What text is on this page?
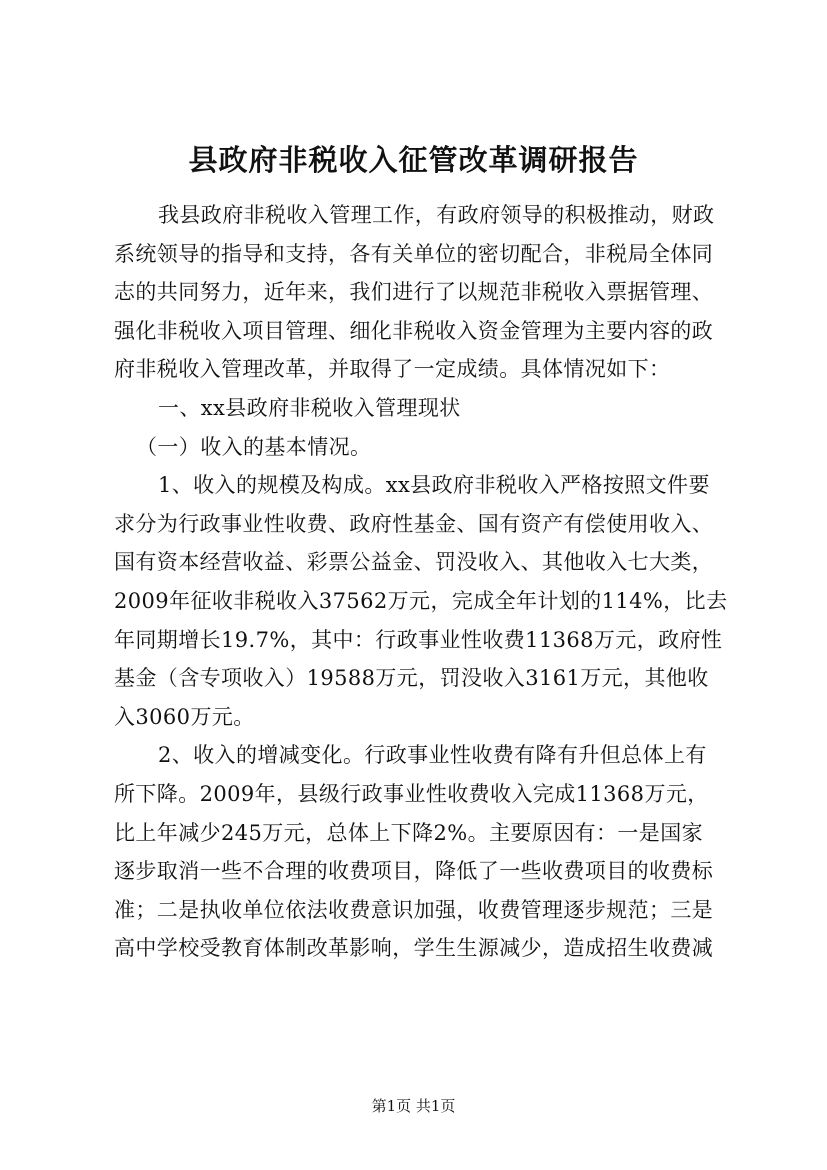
县政府非税收入征管改革调研报告
我县政府非税收入管理工作，有政府领导的积极推动，财政
系统领导的指导和支持，各有关单位的密切配合，非税局全体同
志的共同努力，近年来，我们进行了以规范非税收入票据管理、
强化非税收入项目管理、细化非税收入资金管理为主要内容的政
府非税收入管理改革，并取得了一定成绩。具体情况如下：
一、xx县政府非税收入管理现状
（一）收入的基本情况。
1、收入的规模及构成。xx县政府非税收入严格按照文件要
求分为行政事业性收费、政府性基金、国有资产有偿使用收入、
国有资本经营收益、彩票公益金、罚没收入、其他收入七大类，
2009年征收非税收入37562万元，完成全年计划的114%，比去
年同期增长19.7%，其中：行政事业性收费11368万元，政府性
基金（含专项收入）19588万元，罚没收入3161万元，其他收
入3060万元。
2、收入的增减变化。行政事业性收费有降有升但总体上有
所下降。2009年，县级行政事业性收费收入完成11368万元，
比上年减少245万元，总体上下降2%。主要原因有：一是国家
逐步取消一些不合理的收费项目，降低了一些收费项目的收费标
准；二是执收单位依法收费意识加强，收费管理逐步规范；三是
高中学校受教育体制改革影响，学生生源减少，造成招生收费减
第1页 共1页
